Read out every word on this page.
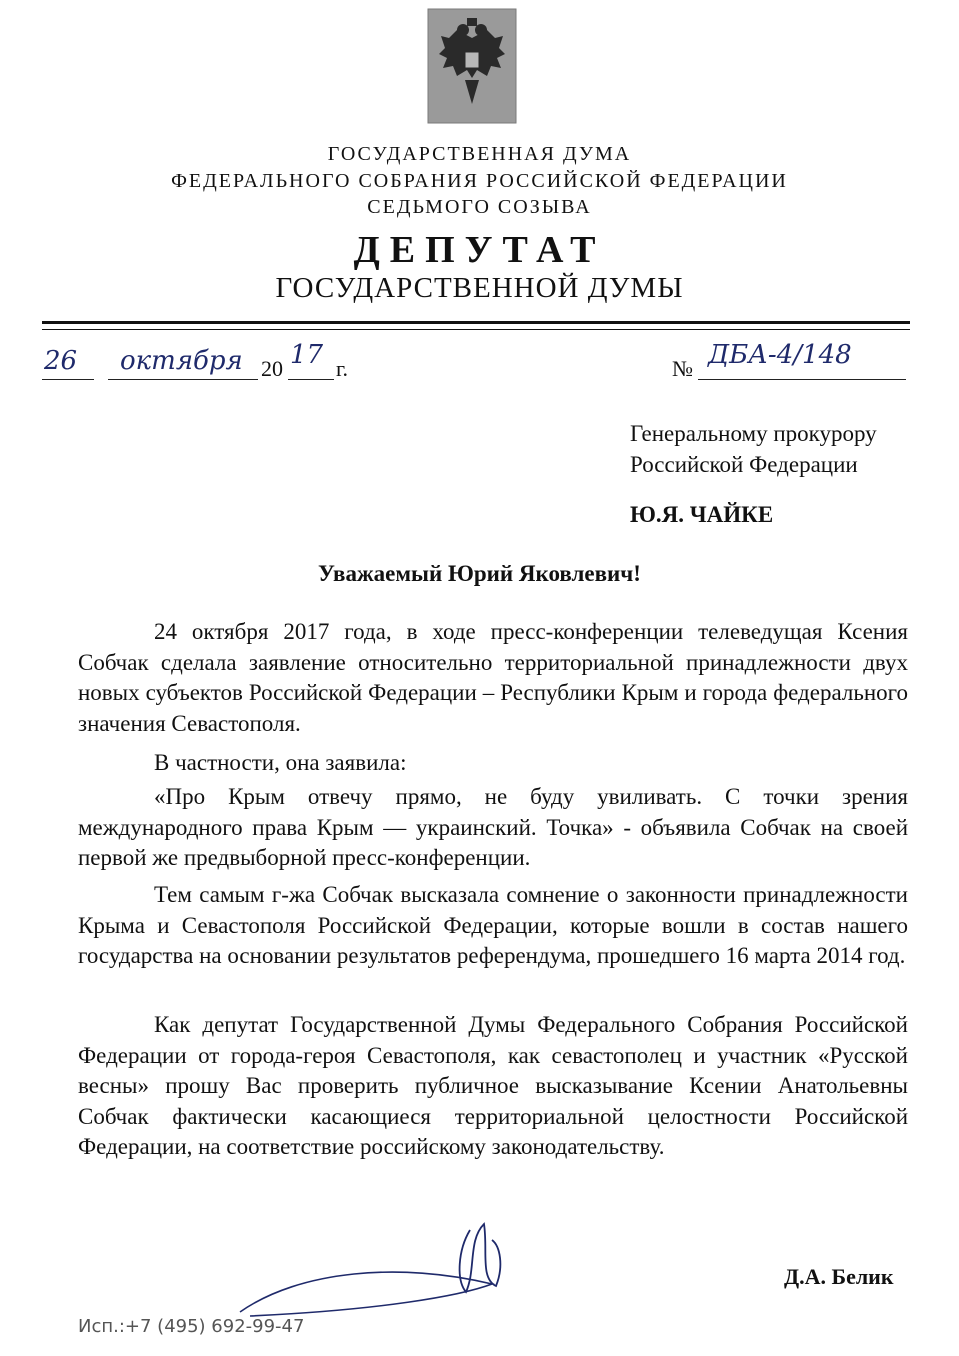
ГОСУДАРСТВЕННАЯ ДУМА
ФЕДЕРАЛЬНОГО СОБРАНИЯ РОССИЙСКОЙ ФЕДЕРАЦИИ
СЕДЬМОГО СОЗЫВА
ДЕПУТАТ
ГОСУДАРСТВЕННОЙ ДУМЫ
26 октября 20 17 г.	№ ДБА-4/148
Генеральному прокурору
Российской Федерации
Ю.Я. ЧАЙКЕ
Уважаемый Юрий Яковлевич!

24 октября 2017 года, в ходе пресс-конференции телеведущая Ксения Собчак сделала заявление относительно территориальной принадлежности двух новых субъектов Российской Федерации – Республики Крым и города федерального значения Севастополя.

В частности, она заявила:

«Про Крым отвечу прямо, не буду увиливать. С точки зрения международного права Крым — украинский. Точка» - объявила Собчак на своей первой же предвыборной пресс-конференции.

Тем самым г-жа Собчак высказала сомнение о законности принадлежности Крыма и Севастополя Российской Федерации, которые вошли в состав нашего государства на основании результатов референдума, прошедшего 16 марта 2014 год.

Как депутат Государственной Думы Федерального Собрания Российской Федерации от города-героя Севастополя, как севастополец и участник «Русской весны» прошу Вас проверить публичное высказывание Ксении Анатольевны Собчак фактически касающиеся территориальной целостности Российской Федерации, на соответствие российскому законодательству.

Д.А. Белик
Исп.:+7 (495) 692-99-47
